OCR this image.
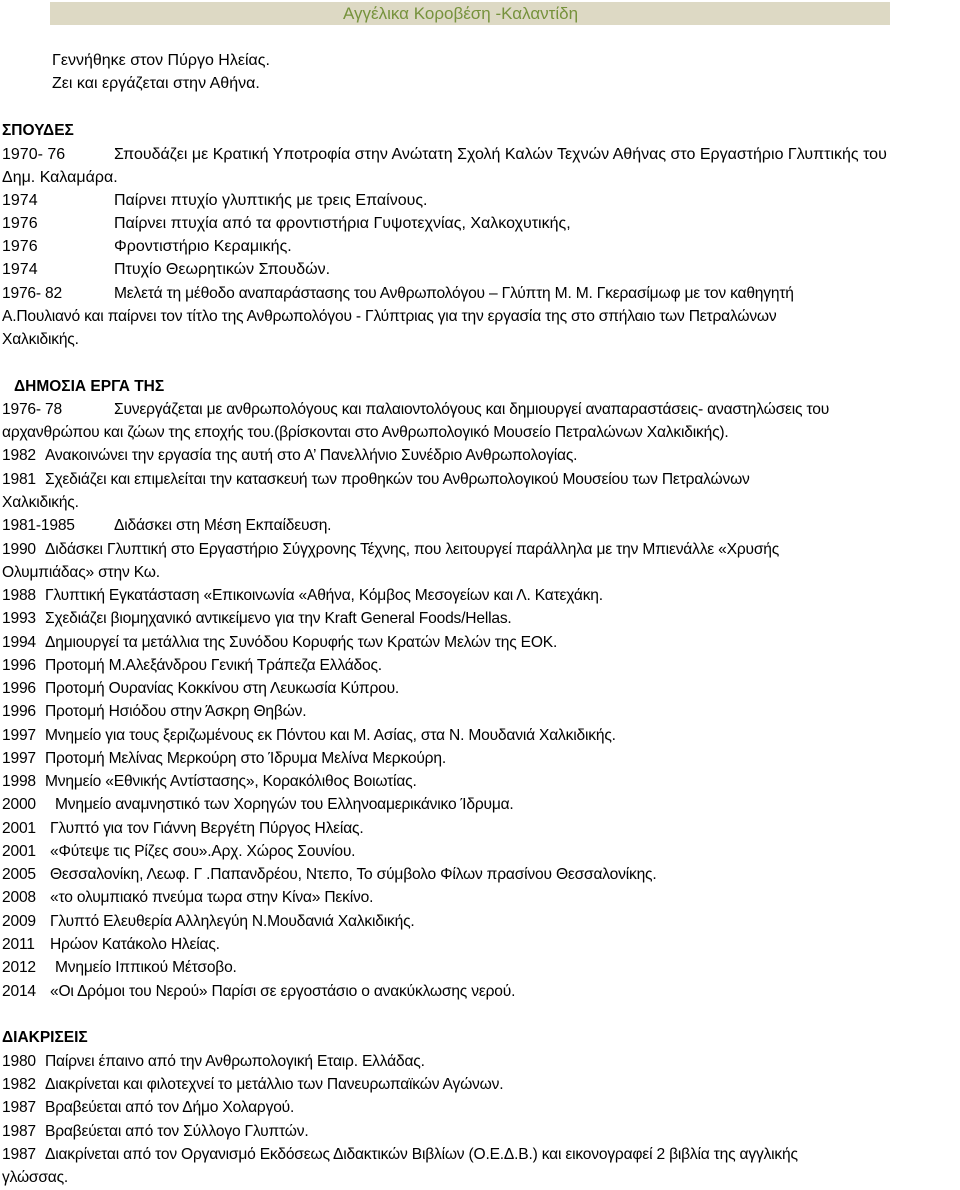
Αγγέλικα Κοροβέση -Καλαντίδη
Γεννήθηκε στον Πύργο Ηλείας.
Ζει και εργάζεται στην Αθήνα.
ΣΠΟΥΔΕΣ
1970- 76	Σπουδάζει με Κρατική Υποτροφία στην Ανώτατη Σχολή Καλών Τεχνών Αθήνας στο Εργαστήριο Γλυπτικής του
Δημ. Καλαμάρα.
1974	Παίρνει πτυχίο γλυπτικής με τρεις Επαίνους.
1976	Παίρνει πτυχία από τα φροντιστήρια Γυψοτεχνίας, Χαλκοχυτικής,
1976	Φροντιστήριο Κεραμικής.
1974	Πτυχίο Θεωρητικών Σπουδών.
1976- 82	Μελετά τη μέθοδο αναπαράστασης του Ανθρωπολόγου – Γλύπτη Μ. Μ. Γκερασίμωφ με τον καθηγητή
Α.Πουλιανό και παίρνει τον τίτλο της Ανθρωπολόγου - Γλύπτριας για την εργασία της στο σπήλαιο των Πετραλώνων
Χαλκιδικής.
ΔΗΜΟΣΙΑ ΕΡΓΑ ΤΗΣ
1976- 78	Συνεργάζεται με ανθρωπολόγους και παλαιοντολόγους και δημιουργεί αναπαραστάσεις- αναστηλώσεις του
αρχανθρώπου και ζώων της εποχής του.(βρίσκονται στο Ανθρωπολογικό Μουσείο Πετραλώνων Χαλκιδικής).
1982 Ανακοινώνει την εργασία της αυτή στο Α’ Πανελλήνιο Συνέδριο Ανθρωπολογίας.
1981 Σχεδιάζει και επιμελείται την κατασκευή των προθηκών του Ανθρωπολογικού Μουσείου των Πετραλώνων
Χαλκιδικής.
1981-1985	Διδάσκει στη Μέση Εκπαίδευση.
1990 Διδάσκει Γλυπτική στο Εργαστήριο Σύγχρονης Τέχνης, που λειτουργεί παράλληλα με την Μπιενάλλε «Χρυσής
Ολυμπιάδας» στην Κω.
1988 Γλυπτική Εγκατάσταση «Επικοινωνία «Αθήνα, Κόμβος Μεσογείων και Λ. Κατεχάκη.
1993 Σχεδιάζει βιομηχανικό αντικείμενο για την Kraft General Foods/Hellas.
1994 Δημιουργεί τα μετάλλια της Συνόδου Κορυφής των Κρατών Μελών της ΕΟΚ.
1996 Προτομή Μ.Αλεξάνδρου Γενική Τράπεζα Ελλάδος.
1996 Προτομή Ουρανίας Κοκκίνου στη Λευκωσία Κύπρου.
1996 Προτομή Ησιόδου στην Άσκρη Θηβών.
1997 Μνημείο για τους ξεριζωμένους εκ Πόντου και Μ. Ασίας, στα Ν. Μουδανιά Χαλκιδικής.
1997 Προτομή Μελίνας Μερκούρη στο Ίδρυμα Μελίνα Μερκούρη.
1998 Μνημείο «Εθνικής Αντίστασης», Κορακόλιθος Βοιωτίας.
2000 Μνημείο αναμνηστικό των Χορηγών του Ελληνοαμερικάνικο Ίδρυμα.
2001 Γλυπτό για τον Γιάννη Βεργέτη Πύργος Ηλείας.
2001 «Φύτεψε τις Ρίζες σου».Αρχ. Χώρος Σουνίου.
2005 Θεσσαλονίκη, Λεωφ. Γ .Παπανδρέου, Ντεπο, Το σύμβολο Φίλων πρασίνου Θεσσαλονίκης.
2008 «το ολυμπιακό πνεύμα τωρα στην Κίνα» Πεκίνο.
2009 Γλυπτό Ελευθερία Αλληλεγύη Ν.Μουδανιά Χαλκιδικής.
2011 Ηρώον Κατάκολο Ηλείας.
2012 Μνημείο Ιππικού Μέτσοβο.
2014 «Οι Δρόμοι του Νερού» Παρίσι σε εργοστάσιο ο ανακύκλωσης νερού.
ΔΙΑΚΡΙΣΕΙΣ
1980 Παίρνει έπαινο από την Ανθρωπολογική Εταιρ. Ελλάδας.
1982 Διακρίνεται και φιλοτεχνεί το μετάλλιο των Πανευρωπαϊκών Αγώνων.
1987 Βραβεύεται από τον Δήμο Χολαργού.
1987 Βραβεύεται από τον Σύλλογο Γλυπτών.
1987 Διακρίνεται από τον Οργανισμό Εκδόσεως Διδακτικών Βιβλίων (Ο.Ε.Δ.Β.) και εικονογραφεί 2 βιβλία της αγγλικής
γλώσσας.
